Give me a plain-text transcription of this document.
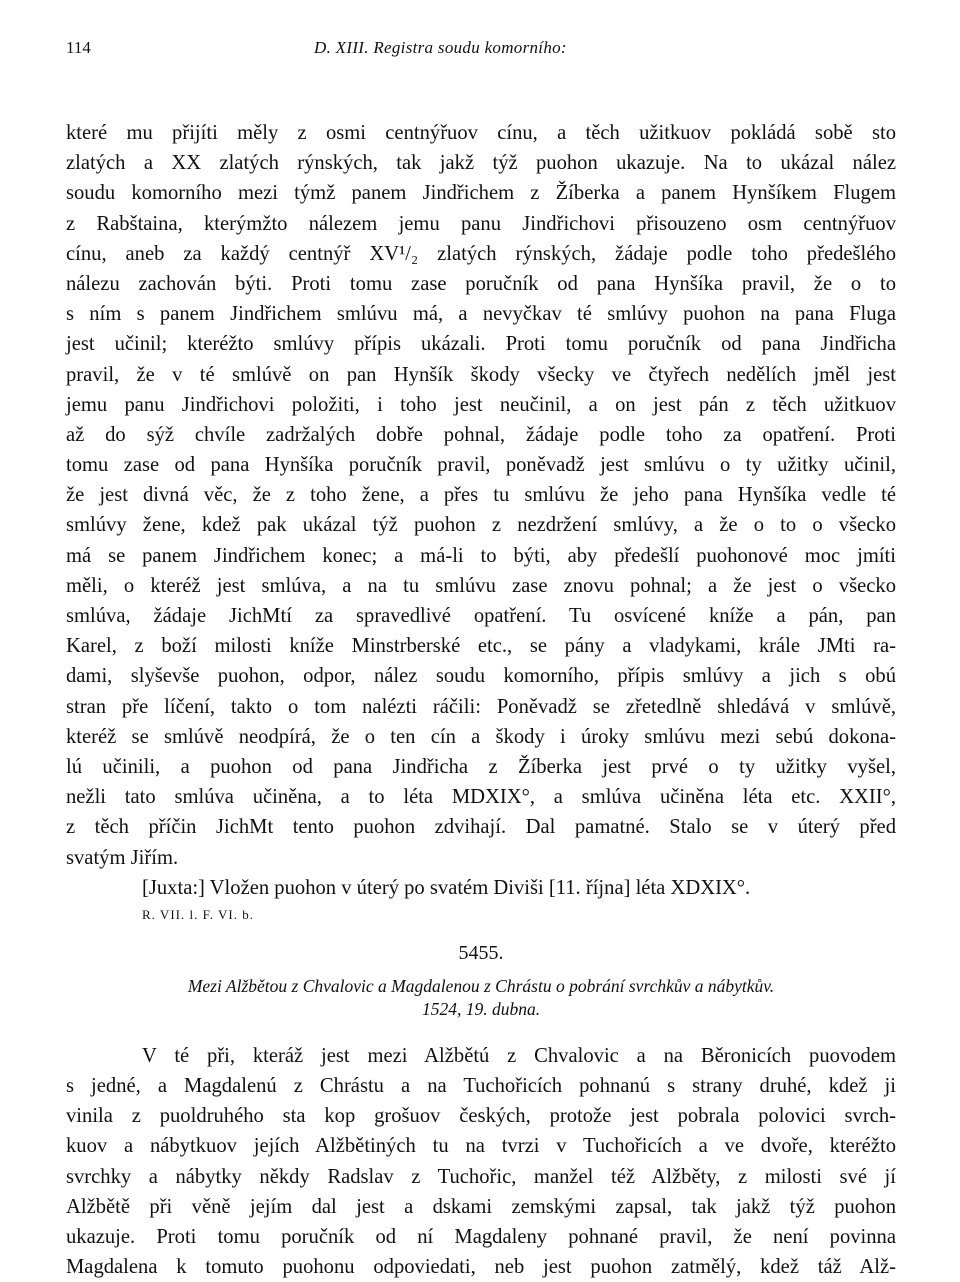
114	D. XIII. Registra soudu komorního:
které mu přijíti měly z osmi centnýřuov cínu, a těch užitkuov pokládá sobě sto
zlatých a XX zlatých rýnských, tak jakž týž puohon ukazuje. Na to ukázal nález
soudu komorního mezi týmž panem Jindřichem z Žíberka a panem Hynšíkem Flugem
z Rabštaina, kterýmžto nálezem jemu panu Jindřichovi přisouzeno osm centnýřuov
cínu, aneb za každý centnýř XV¹/₂ zlatých rýnských, žádaje podle toho předešlého
nálezu zachován býti. Proti tomu zase poručník od pana Hynšíka pravil, že o to
s ním s panem Jindřichem smlúvu má, a nevyčkav té smlúvy puohon na pana Fluga
jest učinil; kteréžto smlúvy přípis ukázali. Proti tomu poručník od pana Jindřicha
pravil, že v té smlúvě on pan Hynšík škody všecky ve čtyřech nedělích jměl jest
jemu panu Jindřichovi položiti, i toho jest neučinil, a on jest pán z těch užitkuov
až do sýž chvíle zadržalých dobře pohnal, žádaje podle toho za opatření. Proti
tomu zase od pana Hynšíka poručník pravil, poněvadž jest smlúvu o ty užitky učinil,
že jest divná věc, že z toho žene, a přes tu smlúvu že jeho pana Hynšíka vedle té
smlúvy žene, kdež pak ukázal týž puohon z nezdržení smlúvy, a že o to o všecko
má se panem Jindřichem konec; a má-li to býti, aby předešlí puohonové moc jmíti
měli, o kteréž jest smlúva, a na tu smlúvu zase znovu pohnal; a že jest o všecko
smlúva, žádaje JichMtí za spravedlivé opatření. Tu osvícené kníže a pán, pan
Karel, z boží milosti kníže Minstrberské etc., se pány a vladykami, krále JMti ra-
dami, slyševše puohon, odpor, nález soudu komorního, přípis smlúvy a jich s obú
stran pře líčení, takto o tom nalézti ráčili: Poněvadž se zřetedlně shledává v smlúvě,
kteréž se smlúvě neodpírá, že o ten cín a škody i úroky smlúvu mezi sebú dokona-
lú učinili, a puohon od pana Jindřicha z Žíberka jest prvé o ty užitky vyšel,
nežli tato smlúva učiněna, a to léta MDXIX°, a smlúva učiněna léta etc. XXII°,
z těch příčin JichMt tento puohon zdvihají. Dal pamatné. Stalo se v úterý před
svatým Jiřím.
[Juxta:] Vložen puohon v úterý po svatém Diviši [11. října] léta XDXIX°.
R. VII. l. F. VI. b.
5455.
Mezi Alžbětou z Chvalovic a Magdalenou z Chrástu o pobrání svrchkův a nábytkův.
1524, 19. dubna.
V té při, kteráž jest mezi Alžbětú z Chvalovic a na Běronicích puovodem
s jedné, a Magdalenú z Chrástu a na Tuchořicích pohnanú s strany druhé, kdež ji
vinila z puoldruhého sta kop grošuov českých, protože jest pobrala polovici svrch-
kuov a nábytkuov jejích Alžbětiných tu na tvrzi v Tuchořicích a ve dvoře, kteréžto
svrchky a nábytky někdy Radslav z Tuchořic, manžel též Alžběty, z milosti své jí
Alžbětě při věně jejím dal jest a dskami zemskými zapsal, tak jakž týž puohon
ukazuje. Proti tomu poručník od ní Magdaleny pohnané pravil, že není povinna
Magdalena k tomuto puohonu odpoviedati, neb jest puohon zatmělý, kdež táž Alž-
